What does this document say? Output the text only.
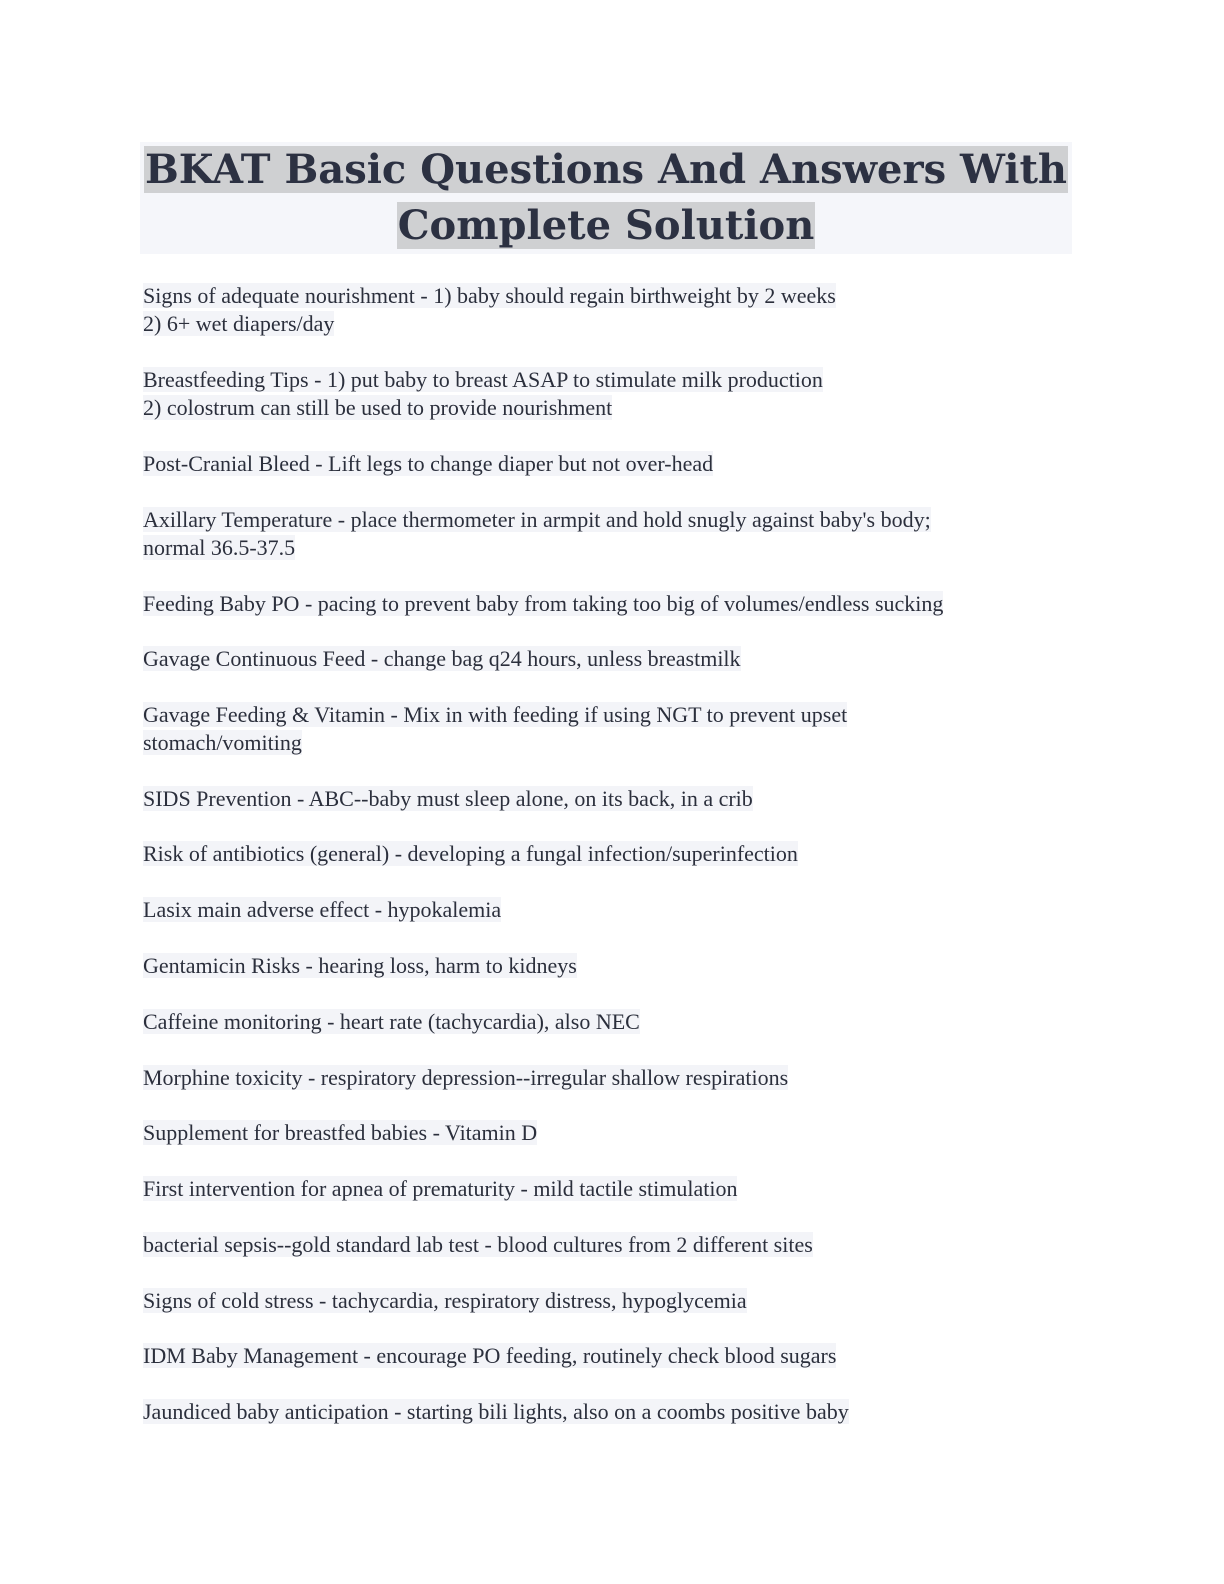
BKAT Basic Questions And Answers With
Complete Solution
Signs of adequate nourishment - 1) baby should regain birthweight by 2 weeks
2) 6+ wet diapers/day
Breastfeeding Tips - 1) put baby to breast ASAP to stimulate milk production
2) colostrum can still be used to provide nourishment
Post-Cranial Bleed - Lift legs to change diaper but not over-head
Axillary Temperature - place thermometer in armpit and hold snugly against baby's body;
normal 36.5-37.5
Feeding Baby PO - pacing to prevent baby from taking too big of volumes/endless sucking
Gavage Continuous Feed - change bag q24 hours, unless breastmilk
Gavage Feeding & Vitamin - Mix in with feeding if using NGT to prevent upset
stomach/vomiting
SIDS Prevention - ABC--baby must sleep alone, on its back, in a crib
Risk of antibiotics (general) - developing a fungal infection/superinfection
Lasix main adverse effect - hypokalemia
Gentamicin Risks - hearing loss, harm to kidneys
Caffeine monitoring - heart rate (tachycardia), also NEC
Morphine toxicity - respiratory depression--irregular shallow respirations
Supplement for breastfed babies - Vitamin D
First intervention for apnea of prematurity - mild tactile stimulation
bacterial sepsis--gold standard lab test - blood cultures from 2 different sites
Signs of cold stress - tachycardia, respiratory distress, hypoglycemia
IDM Baby Management - encourage PO feeding, routinely check blood sugars
Jaundiced baby anticipation - starting bili lights, also on a coombs positive baby
